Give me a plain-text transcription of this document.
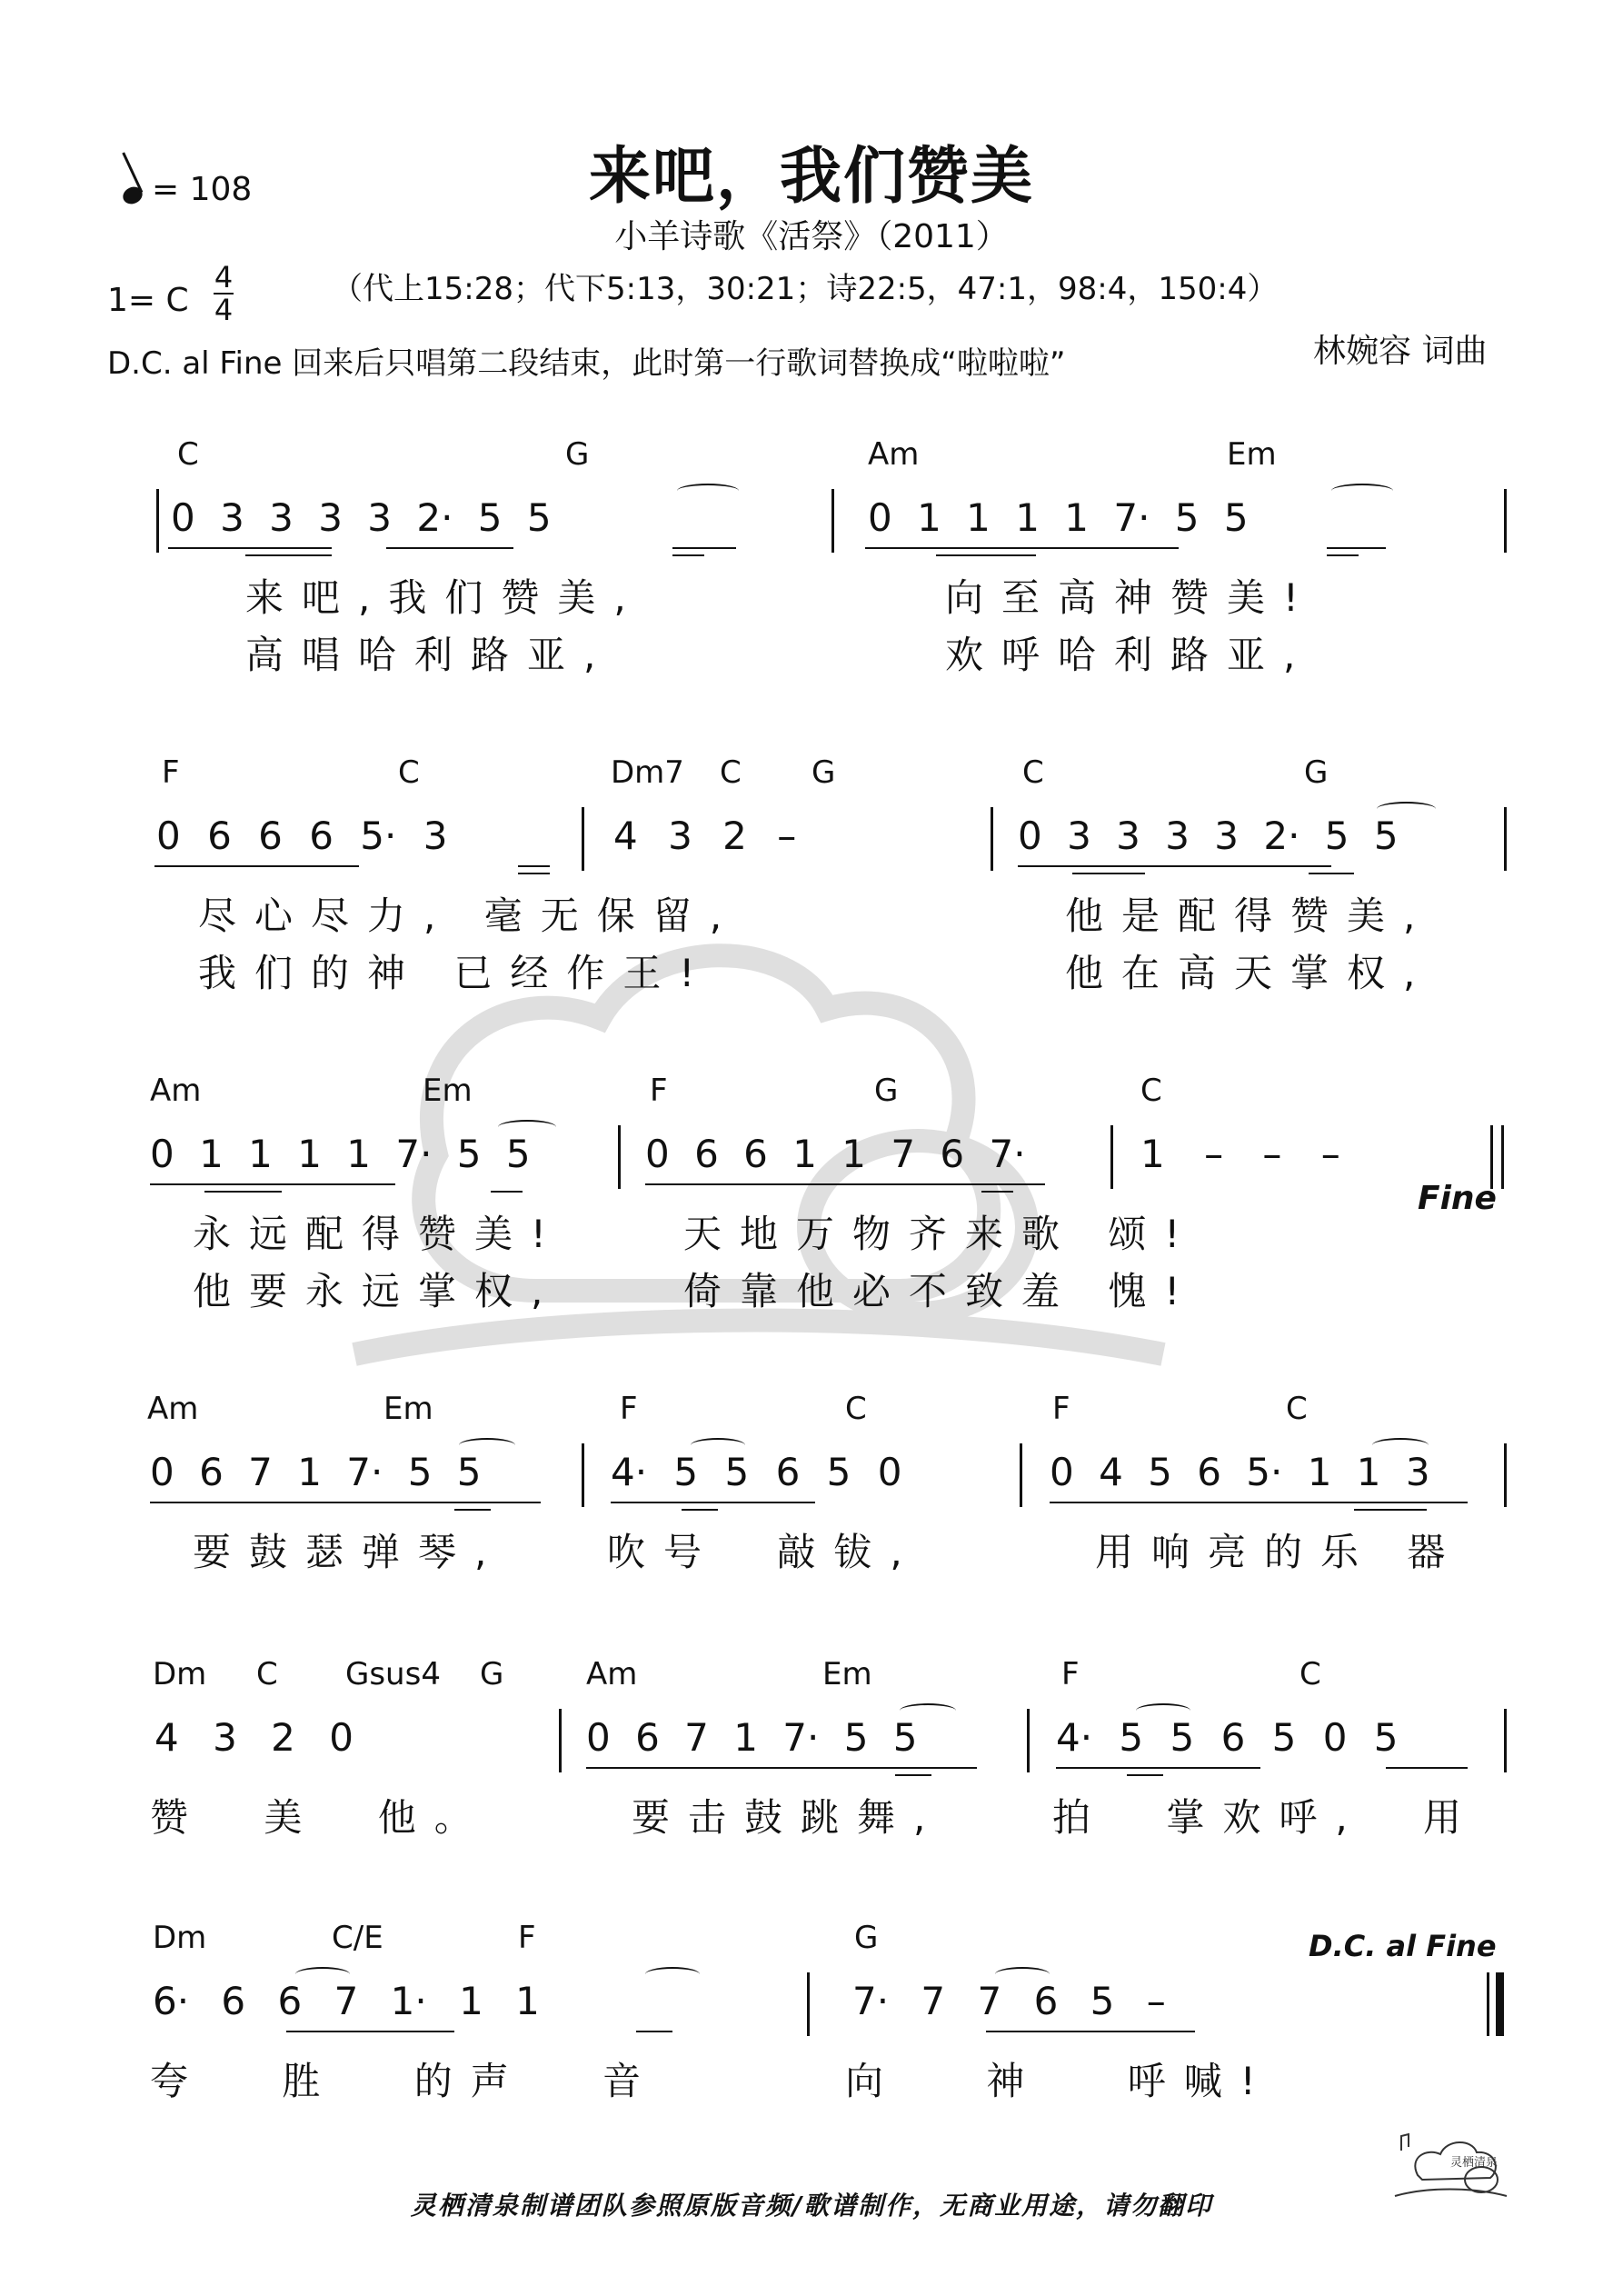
来吧，我们赞美
小羊诗歌《活祭》（2011）
= 108
1= C
4
4
（代上15:28；代下5:13，30:21；诗22:5，47:1，98:4，150:4）
林婉容 词曲
D.C. al Fine 回来后只唱第二段结束，此时第一行歌词替换成“啦啦啦”
C	G	Am	Em
0 3 3 3 3 2· 5 5	0 1 1 1 1 7· 5 5
来吧,我们赞美,	向至高神赞美!
高唱哈利路亚,	欢呼哈利路亚,
F	C	Dm7 C G	C	G
0 6 6 6 5· 3	4 3 2 –	0 3 3 3 3 2· 5 5
尽心尽力, 毫无保留,	他是配得赞美,
我们的神 已经作王!	他在高天掌权,
Am	Em	F	G	C
0 1 1 1 1 7· 5 5	0 6 6 1 1 7 6 7·	1 – – –
Fine
永远配得赞美!	天地万物齐来歌 颂!
他要永远掌权,	倚靠他必不致羞 愧!
Am	Em	F	C	F	C
0 6 7 1 7· 5 5	4· 5 5 6 5 0	0 4 5 6 5· 1 1 3
要鼓瑟弹琴,	吹号 敲钹,	用响亮的乐 器
Dm C Gsus4 G	Am	Em	F	C
4 3 2 0	0 6 7 1 7· 5 5	4· 5 5 6 5 0 5
赞 美 他。	要击鼓跳舞,	拍 掌欢呼, 用
Dm	C/E	F	G	D.C. al Fine
6· 6 6 7 1· 1 1	7· 7 7 6 5 –
夸 胜 的声 音	向 神 呼喊!
灵栖清泉
灵栖清泉制谱团队参照原版音频/歌谱制作，无商业用途，请勿翻印
